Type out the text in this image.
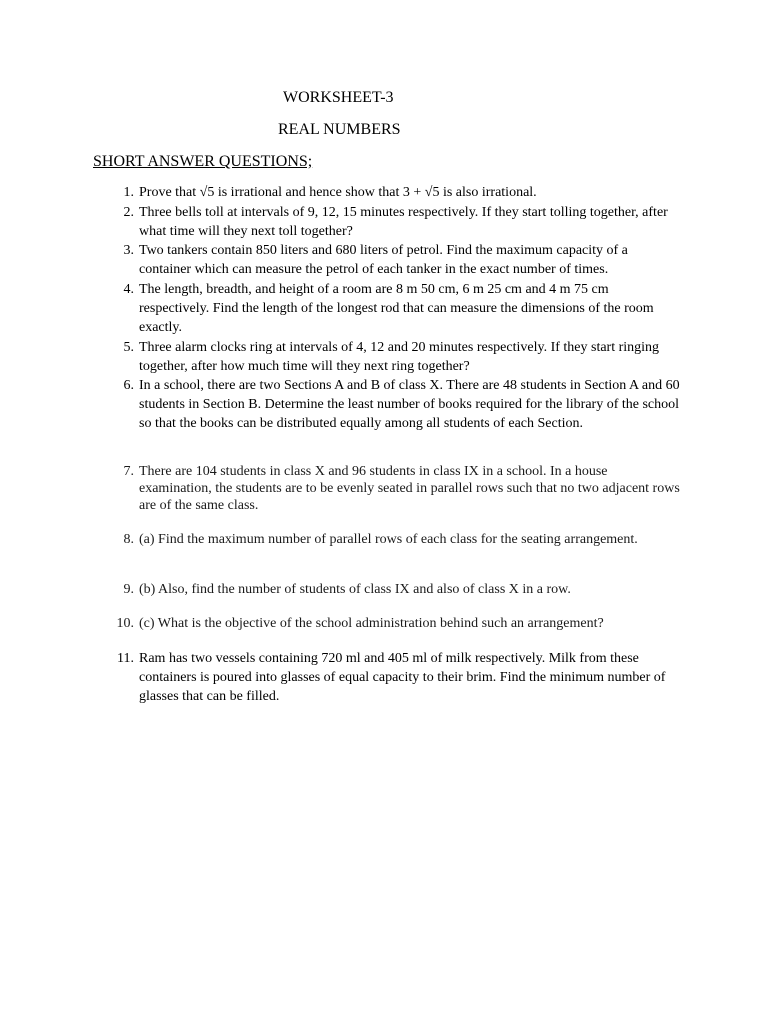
WORKSHEET-3
REAL NUMBERS
SHORT ANSWER QUESTIONS;
1. Prove that √5 is irrational and hence show that 3 + √5 is also irrational.
2. Three bells toll at intervals of 9, 12, 15 minutes respectively. If they start tolling together, after what time will they next toll together?
3. Two tankers contain 850 liters and 680 liters of petrol. Find the maximum capacity of a container which can measure the petrol of each tanker in the exact number of times.
4. The length, breadth, and height of a room are 8 m 50 cm, 6 m 25 cm and 4 m 75 cm respectively. Find the length of the longest rod that can measure the dimensions of the room exactly.
5. Three alarm clocks ring at intervals of 4, 12 and 20 minutes respectively. If they start ringing together, after how much time will they next ring together?
6. In a school, there are two Sections A and B of class X. There are 48 students in Section A and 60 students in Section B. Determine the least number of books required for the library of the school so that the books can be distributed equally among all students of each Section.
7. There are 104 students in class X and 96 students in class IX in a school. In a house examination, the students are to be evenly seated in parallel rows such that no two adjacent rows are of the same class.
8. (a) Find the maximum number of parallel rows of each class for the seating arrangement.
9. (b) Also, find the number of students of class IX and also of class X in a row.
10. (c) What is the objective of the school administration behind such an arrangement?
11. Ram has two vessels containing 720 ml and 405 ml of milk respectively. Milk from these containers is poured into glasses of equal capacity to their brim. Find the minimum number of glasses that can be filled.
